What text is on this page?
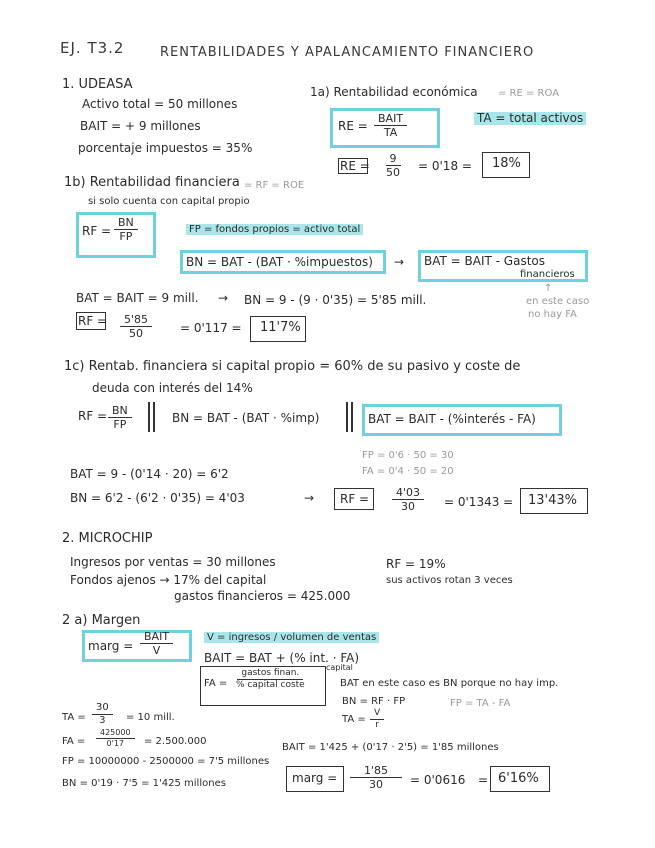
EJ. T3.2	RENTABILIDADES Y APALANCAMIENTO FINANCIERO
1. UDEASA
Activo total = 50 millones
BAIT = + 9 millones
porcentaje impuestos = 35%
1a) Rentabilidad económica = RE = ROA
RE =
BAIT
TA
TA = total activos
RE = $\frac{9}{50} = 0'18 = 18\%$
1b) Rentabilidad financiera = RF = ROE
si solo cuenta con capital propio
RF = $\frac{BN}{FP}$	FP = fondos propios = activo total
BN = BAT - (BAT · %impuestos) → BAT = BAIT - Gastos
financieros
↑
en este caso
no hay FA
BAT = BAIT = 9 mill. → BN = 9 - (9 · 0'35) = 5'85 mill.
RF = $\frac{5'85}{50} = 0'117 = 11'7\%$
1c) Rentab. financiera si capital propio = 60% de su pasivo y coste de
deuda con interés del 14%
RF = $\frac{BN}{FP}$	BN = BAT - (BAT · %imp)	BAT = BAIT - (%interés - FA)
FP = 0'6 · 50 = 30
FA = 0'4 · 50 = 20
BAT = 9 - (0'14 · 20) = 6'2
BN = 6'2 - (6'2 · 0'35) = 4'03	→ RF = $\frac{4'03}{30} = 0'1343 = 13'43\%$
2. MICROCHIP
Ingresos por ventas = 30 millones
Fondos ajenos → 17% del capital
gastos financieros = 425.000
RF = 19%
sus activos rotan 3 veces
2 a) Margen
marg =
BAIT
V
V = ingresos / volumen de ventas
BAIT = BAT + (% int. · FA)
capital
FA =
gastos finan.
% capital coste	BAT en este caso es BN porque no hay imp.
BN = RF · FP	FP = TA - FA
TA = $\frac{V}{r}$
TA = $\frac{30}{3} = 10$ mill.
FA = $\frac{425000}{0'17} = 2.500.000$
BAIT = 1'425 + (0'17 · 2'5) = 1'85 millones
FP = 10000000 - 2500000 = 7'5 millones
BN = 0'19 · 7'5 = 1'425 millones	marg = $\frac{1'85}{30} = 0'0616 = 6'16\%$
